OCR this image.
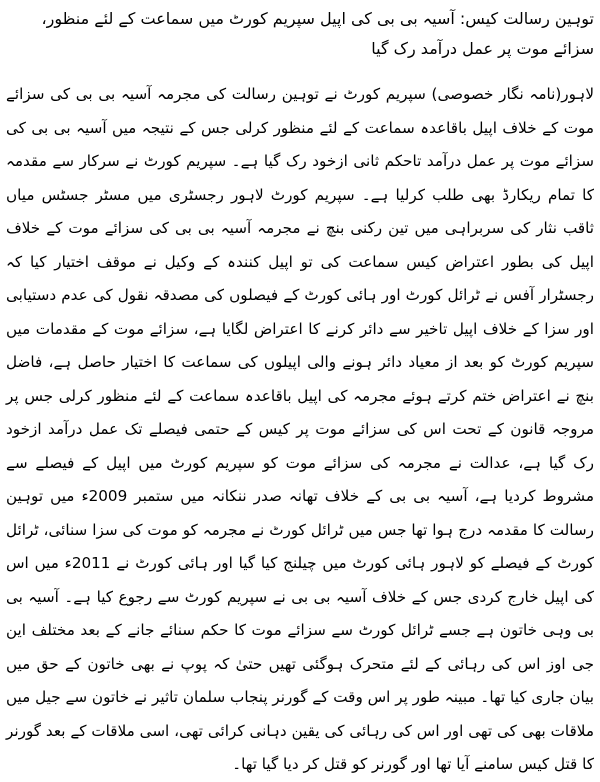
توہین رسالت کیس: آسیہ بی بی کی اپیل سپریم کورٹ میں سماعت کے لئے منظور، سزائے موت پر عمل درآمد رک گیا

لاہور(نامہ نگار خصوصی) سپریم کورٹ نے توہین رسالت کی مجرمہ آسیہ بی بی کی سزائے موت کے خلاف اپیل باقاعدہ سماعت کے لئے منظور کرلی جس کے نتیجہ میں آسیہ بی بی کی سزائے موت پر عمل درآمد تاحکم ثانی ازخود رک گیا ہے۔ سپریم کورٹ نے سرکار سے مقدمہ کا تمام ریکارڈ بھی طلب کرلیا ہے۔ سپریم کورٹ لاہور رجسٹری میں مسٹر جسٹس میاں ثاقب نثار کی سربراہی میں تین رکنی بنچ نے مجرمہ آسیہ بی بی کی سزائے موت کے خلاف اپیل کی بطور اعتراض کیس سماعت کی تو اپیل کنندہ کے وکیل نے موقف اختیار کیا کہ رجسٹرار آفس نے ٹرائل کورٹ اور ہائی کورٹ کے فیصلوں کی مصدقہ نقول کی عدم دستیابی اور سزا کے خلاف اپیل تاخیر سے دائر کرنے کا اعتراض لگایا ہے، سزائے موت کے مقدمات میں سپریم کورٹ کو بعد از معیاد دائر ہونے والی اپیلوں کی سماعت کا اختیار حاصل ہے، فاضل بنچ نے اعتراض ختم کرتے ہوئے مجرمہ کی اپیل باقاعدہ سماعت کے لئے منظور کرلی جس پر مروجہ قانون کے تحت اس کی سزائے موت پر کیس کے حتمی فیصلے تک عمل درآمد ازخود رک گیا ہے، عدالت نے مجرمہ کی سزائے موت کو سپریم کورٹ میں اپیل کے فیصلے سے مشروط کردیا ہے، آسیہ بی بی کے خلاف تھانہ صدر ننکانہ میں ستمبر 2009ء میں توہین رسالت کا مقدمہ درج ہوا تھا جس میں ٹرائل کورٹ نے مجرمہ کو موت کی سزا سنائی، ٹرائل کورٹ کے فیصلے کو لاہور ہائی کورٹ میں چیلنج کیا گیا اور ہائی کورٹ نے 2011ء میں اس کی اپیل خارج کردی جس کے خلاف آسیہ بی بی نے سپریم کورٹ سے رجوع کیا ہے۔ آسیہ بی بی وہی خاتون ہے جسے ٹرائل کورٹ سے سزائے موت کا حکم سنائے جانے کے بعد مختلف این جی اوز اس کی رہائی کے لئے متحرک ہوگئی تھیں حتیٰ کہ پوپ نے بھی خاتون کے حق میں بیان جاری کیا تھا۔ مبینہ طور پر اس وقت کے گورنر پنجاب سلمان تاثیر نے خاتون سے جیل میں ملاقات بھی کی تھی اور اس کی رہائی کی یقین دہانی کرائی تھی، اسی ملاقات کے بعد گورنر کا قتل کیس سامنے آیا تھا اور گورنر کو قتل کر دیا گیا تھا۔
